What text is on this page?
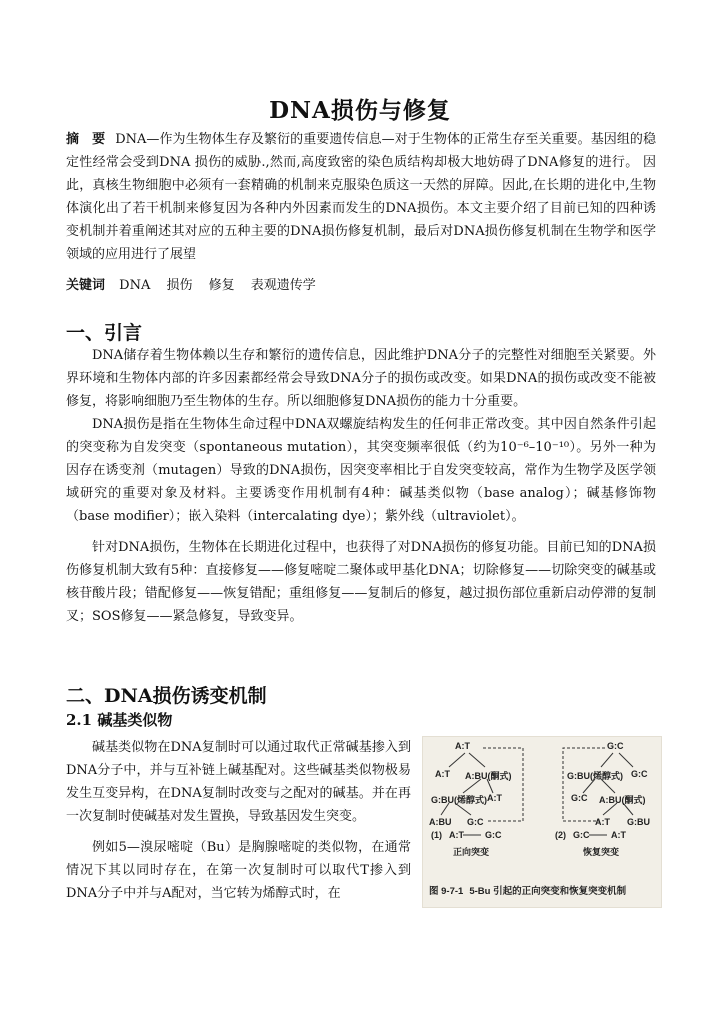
DNA损伤与修复
摘　要 DNA—作为生物体生存及繁衍的重要遗传信息—对于生物体的正常生存至关重要。基因组的稳定性经常会受到DNA 损伤的威胁.,然而,高度致密的染色质结构却极大地妨碍了DNA修复的进行。 因此，真核生物细胞中必须有一套精确的机制来克服染色质这一天然的屏障。因此,在长期的进化中,生物体演化出了若干机制来修复因为各种内外因素而发生的DNA损伤。本文主要介绍了目前已知的四种诱变机制并着重阐述其对应的五种主要的DNA损伤修复机制，最后对DNA损伤修复机制在生物学和医学领域的应用进行了展望
关键词 DNA 损伤 修复 表观遗传学
一、引言

DNA储存着生物体赖以生存和繁衍的遗传信息，因此维护DNA分子的完整性对细胞至关紧要。外界环境和生物体内部的许多因素都经常会导致DNA分子的损伤或改变。如果DNA的损伤或改变不能被修复，将影响细胞乃至生物体的生存。所以细胞修复DNA损伤的能力十分重要。

DNA损伤是指在生物体生命过程中DNA双螺旋结构发生的任何非正常改变。其中因自然条件引起的突变称为自发突变（spontaneous mutation），其突变频率很低（约为10⁻⁶–10⁻¹⁰）。另外一种为因存在诱变剂（mutagen）导致的DNA损伤，因突变率相比于自发突变较高，常作为生物学及医学领域研究的重要对象及材料。主要诱变作用机制有4种：碱基类似物（base analog）；碱基修饰物（base modifier）；嵌入染料（intercalating dye）；紫外线（ultraviolet）。

针对DNA损伤，生物体在长期进化过程中，也获得了对DNA损伤的修复功能。目前已知的DNA损伤修复机制大致有5种：直接修复——修复嘧啶二聚体或甲基化DNA；切除修复——切除突变的碱基或核苷酸片段；错配修复——恢复错配；重组修复——复制后的修复，越过损伤部位重新启动停滞的复制叉；SOS修复——紧急修复，导致变异。

二、DNA损伤诱变机制
2.1 碱基类似物

碱基类似物在DNA复制时可以通过取代正常碱基掺入到DNA分子中，并与互补链上碱基配对。这些碱基类似物极易发生互变异构，在DNA复制时改变与之配对的碱基。并在再一次复制时使碱基对发生置换，导致基因发生突变。

例如5—溴尿嘧啶（Bu）是胸腺嘧啶的类似物，在通常情况下其以同时存在，在第一次复制时可以取代T掺入到DNA分子中并与A配对，当它转为烯醇式时，在

A:T
A:T A:BU(酮式)
G:BU(烯醇式) A:T
A:BU G:C
(1) A:T G:C
正向突变
G:C
G:BU(烯醇式) G:C
G:C A:BU(酮式)
A:T G:BU
(2) G:C A:T
恢复突变
图 9-7-1 5-Bu 引起的正向突变和恢复突变机制
